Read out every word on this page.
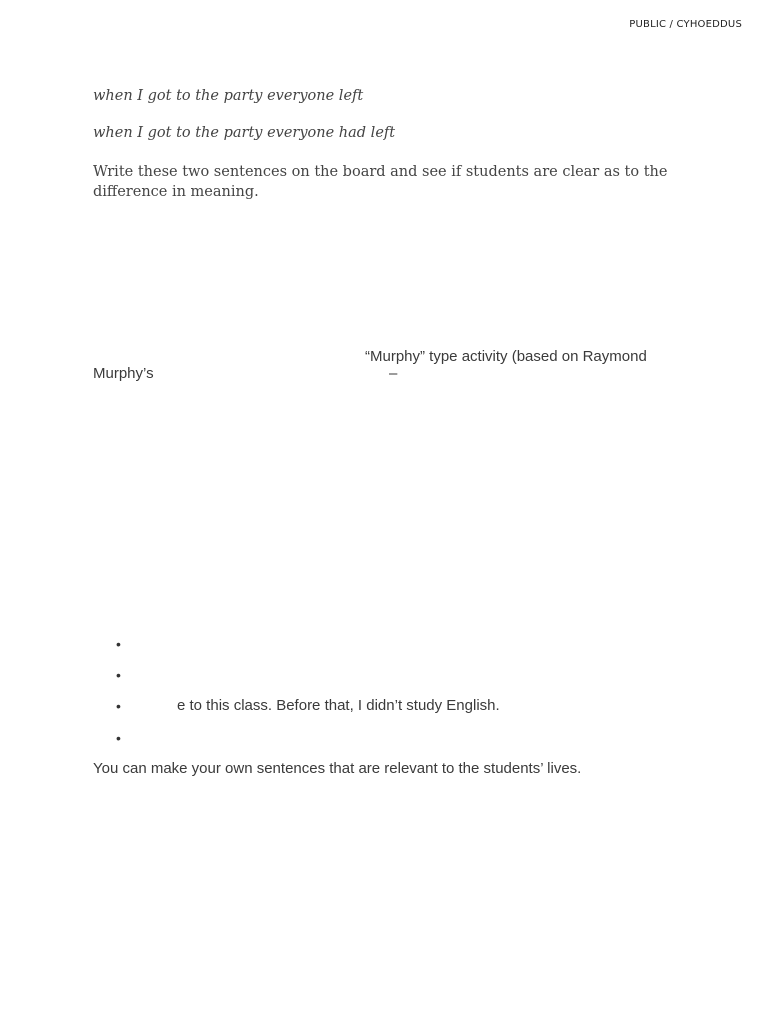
PUBLIC / CYHOEDDUS
when I got to the party everyone left
when I got to the party everyone had left
Write these two sentences on the board and see if students are clear as to the difference in meaning.
“Murphy” type activity (based on Raymond
Murphy’s	–
•
•
•	e to this class. Before that, I didn’t study English.
•
You can make your own sentences that are relevant to the students’ lives.
